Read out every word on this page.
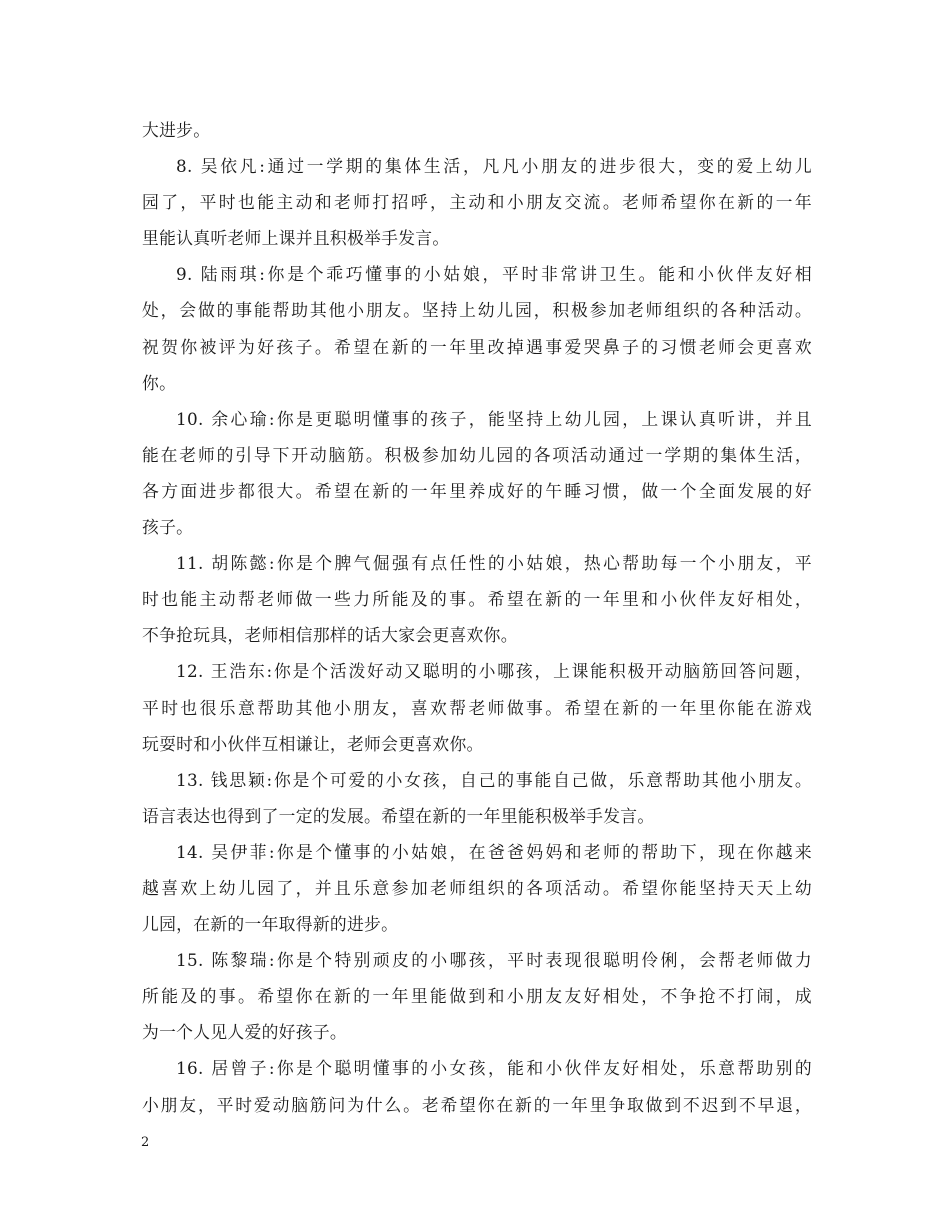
大进步。
8. 吴依凡:通过一学期的集体生活，凡凡小朋友的进步很大，变的爱上幼儿
园了，平时也能主动和老师打招呼，主动和小朋友交流。老师希望你在新的一年
里能认真听老师上课并且积极举手发言。
9. 陆雨琪:你是个乖巧懂事的小姑娘，平时非常讲卫生。能和小伙伴友好相
处，会做的事能帮助其他小朋友。坚持上幼儿园，积极参加老师组织的各种活动。
祝贺你被评为好孩子。希望在新的一年里改掉遇事爱哭鼻子的习惯老师会更喜欢
你。
10. 余心瑜:你是更聪明懂事的孩子，能坚持上幼儿园，上课认真听讲，并且
能在老师的引导下开动脑筋。积极参加幼儿园的各项活动通过一学期的集体生活，
各方面进步都很大。希望在新的一年里养成好的午睡习惯，做一个全面发展的好
孩子。
11. 胡陈懿:你是个脾气倔强有点任性的小姑娘，热心帮助每一个小朋友，平
时也能主动帮老师做一些力所能及的事。希望在新的一年里和小伙伴友好相处，
不争抢玩具，老师相信那样的话大家会更喜欢你。
12. 王浩东:你是个活泼好动又聪明的小哪孩，上课能积极开动脑筋回答问题，
平时也很乐意帮助其他小朋友，喜欢帮老师做事。希望在新的一年里你能在游戏
玩耍时和小伙伴互相谦让，老师会更喜欢你。
13. 钱思颖:你是个可爱的小女孩，自己的事能自己做，乐意帮助其他小朋友。
语言表达也得到了一定的发展。希望在新的一年里能积极举手发言。
14. 吴伊菲:你是个懂事的小姑娘，在爸爸妈妈和老师的帮助下，现在你越来
越喜欢上幼儿园了，并且乐意参加老师组织的各项活动。希望你能坚持天天上幼
儿园，在新的一年取得新的进步。
15. 陈黎瑞:你是个特别顽皮的小哪孩，平时表现很聪明伶俐，会帮老师做力
所能及的事。希望你在新的一年里能做到和小朋友友好相处，不争抢不打闹，成
为一个人见人爱的好孩子。
16. 居曾子:你是个聪明懂事的小女孩，能和小伙伴友好相处，乐意帮助别的
小朋友，平时爱动脑筋问为什么。老希望你在新的一年里争取做到不迟到不早退，
2
